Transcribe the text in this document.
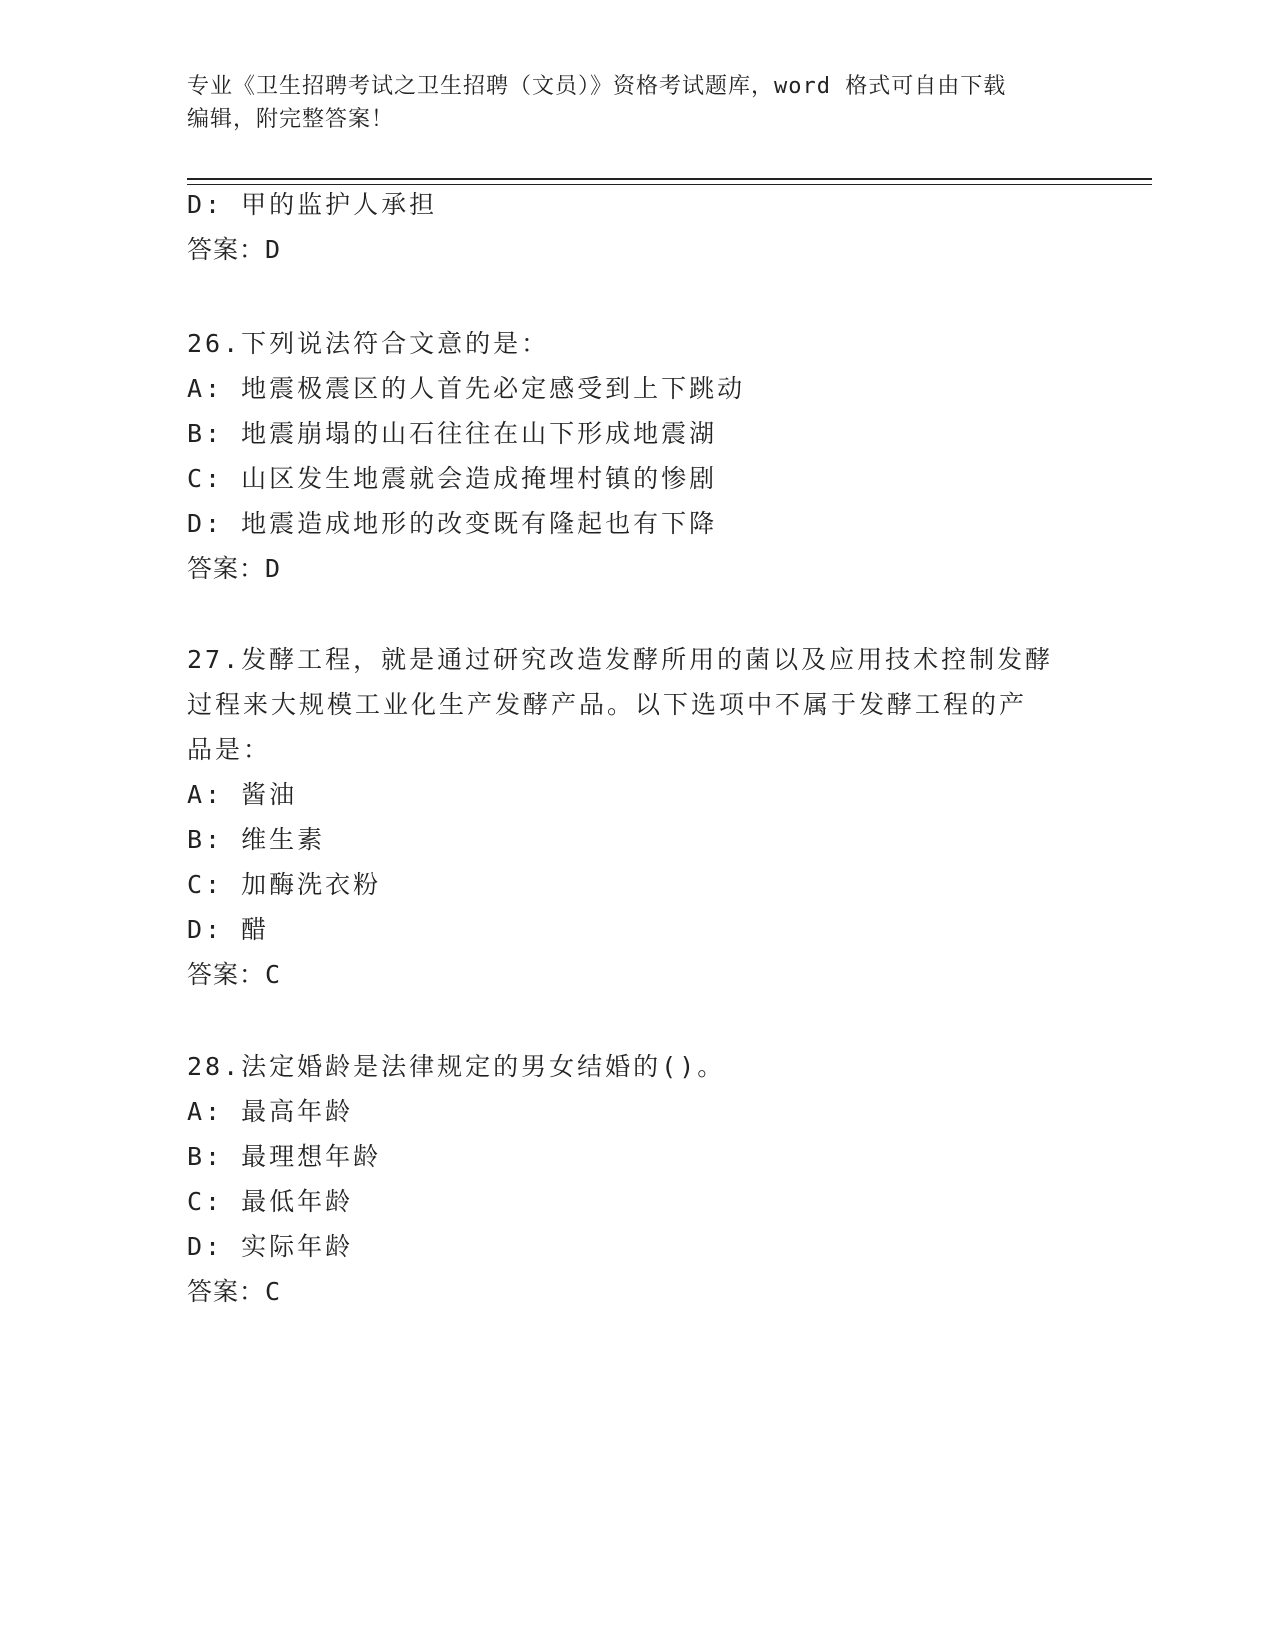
专业《卫生招聘考试之卫生招聘（文员）》资格考试题库，word 格式可自由下载
编辑，附完整答案！
D: 甲的监护人承担
答案：D
26.下列说法符合文意的是：
A: 地震极震区的人首先必定感受到上下跳动
B: 地震崩塌的山石往往在山下形成地震湖
C: 山区发生地震就会造成掩埋村镇的惨剧
D: 地震造成地形的改变既有隆起也有下降
答案：D
27.发酵工程，就是通过研究改造发酵所用的菌以及应用技术控制发酵
过程来大规模工业化生产发酵产品。以下选项中不属于发酵工程的产
品是：
A: 酱油
B: 维生素
C: 加酶洗衣粉
D: 醋
答案：C
28.法定婚龄是法律规定的男女结婚的()。
A: 最高年龄
B: 最理想年龄
C: 最低年龄
D: 实际年龄
答案：C
